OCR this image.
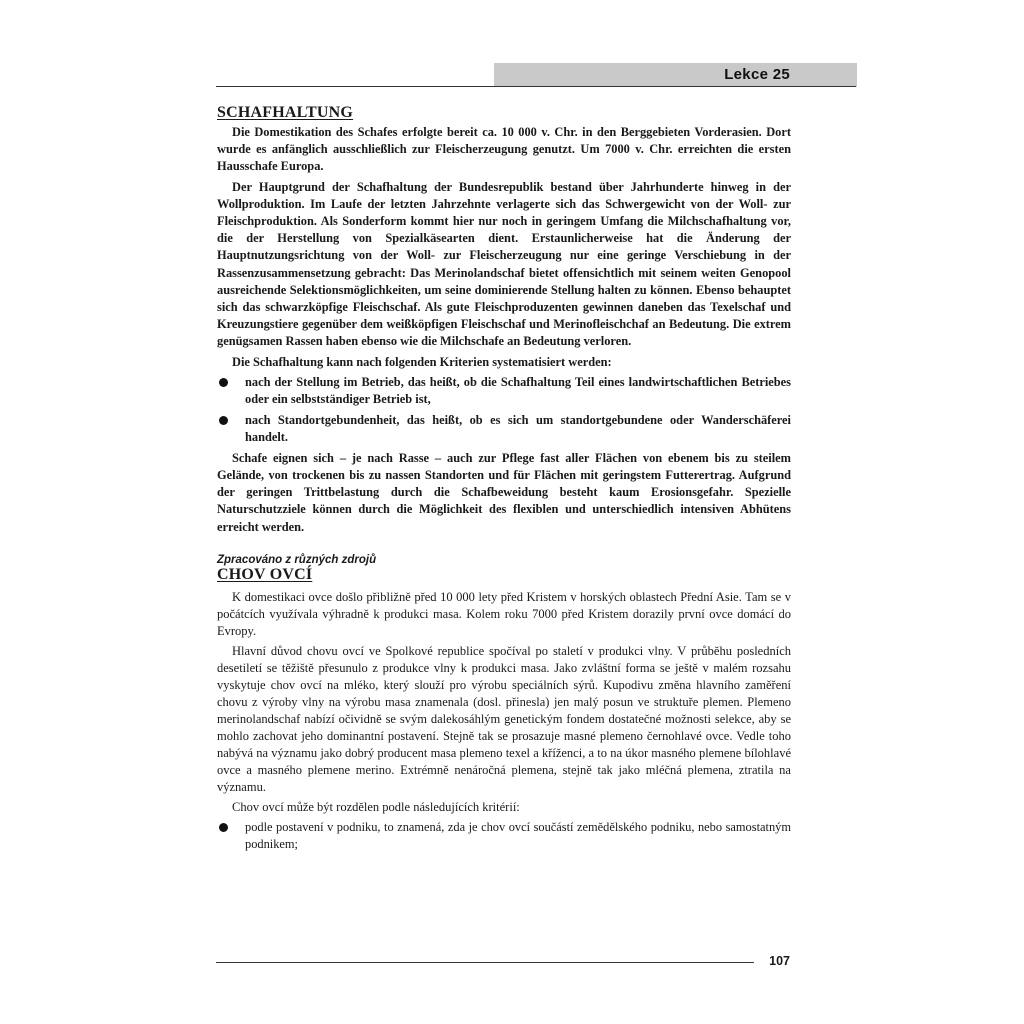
Lekce 25
SCHAFHALTUNG

Die Domestikation des Schafes erfolgte bereit ca. 10 000 v. Chr. in den Berggebieten Vorderasien. Dort wurde es anfänglich ausschließlich zur Fleischerzeugung genutzt. Um 7000 v. Chr. erreichten die ersten Hausschafe Europa.

Der Hauptgrund der Schafhaltung der Bundesrepublik bestand über Jahrhunderte hinweg in der Wollproduktion. Im Laufe der letzten Jahrzehnte verlagerte sich das Schwergewicht von der Woll- zur Fleischproduktion. Als Sonderform kommt hier nur noch in geringem Umfang die Milchschafhaltung vor, die der Herstellung von Spezialkäsearten dient. Erstaunlicherweise hat die Änderung der Hauptnutzungsrichtung von der Woll- zur Fleischerzeugung nur eine geringe Verschiebung in der Rassenzusammensetzung gebracht: Das Merinolandschaf bietet offensichtlich mit seinem weiten Genopool ausreichende Selektionsmöglichkeiten, um seine dominierende Stellung halten zu können. Ebenso behauptet sich das schwarzköpfige Fleischschaf. Als gute Fleischproduzenten gewinnen daneben das Texelschaf und Kreuzungstiere gegenüber dem weißköpfigen Fleischschaf und Merinofleischchaf an Bedeutung. Die extrem genügsamen Rassen haben ebenso wie die Milchschafe an Bedeutung verloren.

Die Schafhaltung kann nach folgenden Kriterien systematisiert werden:

nach der Stellung im Betrieb, das heißt, ob die Schafhaltung Teil eines landwirtschaftlichen Betriebes oder ein selbstständiger Betrieb ist,
nach Standortgebundenheit, das heißt, ob es sich um standortgebundene oder Wanderschäferei handelt.

Schafe eignen sich – je nach Rasse – auch zur Pflege fast aller Flächen von ebenem bis zu steilem Gelände, von trockenen bis zu nassen Standorten und für Flächen mit geringstem Futterertrag. Aufgrund der geringen Trittbelastung durch die Schafbeweidung besteht kaum Erosionsgefahr. Spezielle Naturschutzziele können durch die Möglichkeit des flexiblen und unterschiedlich intensiven Abhütens erreicht werden.

Zpracováno z různých zdrojů

CHOV OVCÍ

K domestikaci ovce došlo přibližně před 10 000 lety před Kristem v horských oblastech Přední Asie. Tam se v počátcích využívala výhradně k produkci masa. Kolem roku 7000 před Kristem dorazily první ovce domácí do Evropy.

Hlavní důvod chovu ovcí ve Spolkové republice spočíval po staletí v produkci vlny. V průběhu posledních desetiletí se těžiště přesunulo z produkce vlny k produkci masa. Jako zvláštní forma se ještě v malém rozsahu vyskytuje chov ovcí na mléko, který slouží pro výrobu speciálních sýrů. Kupodivu změna hlavního zaměření chovu z výroby vlny na výrobu masa znamenala (dosl. přinesla) jen malý posun ve struktuře plemen. Plemeno merinolandschaf nabízí očividně se svým dalekosáhlým genetickým fondem dostatečné možnosti selekce, aby se mohlo zachovat jeho dominantní postavení. Stejně tak se prosazuje masné plemeno černohlavé ovce. Vedle toho nabývá na významu jako dobrý producent masa plemeno texel a kříženci, a to na úkor masného plemene bílohlavé ovce a masného plemene merino. Extrémně nenáročná plemena, stejně tak jako mléčná plemena, ztratila na významu.

Chov ovcí může být rozdělen podle následujících kritérií:

podle postavení v podniku, to znamená, zda je chov ovcí součástí zemědělského podniku, nebo samostatným podnikem;
107
